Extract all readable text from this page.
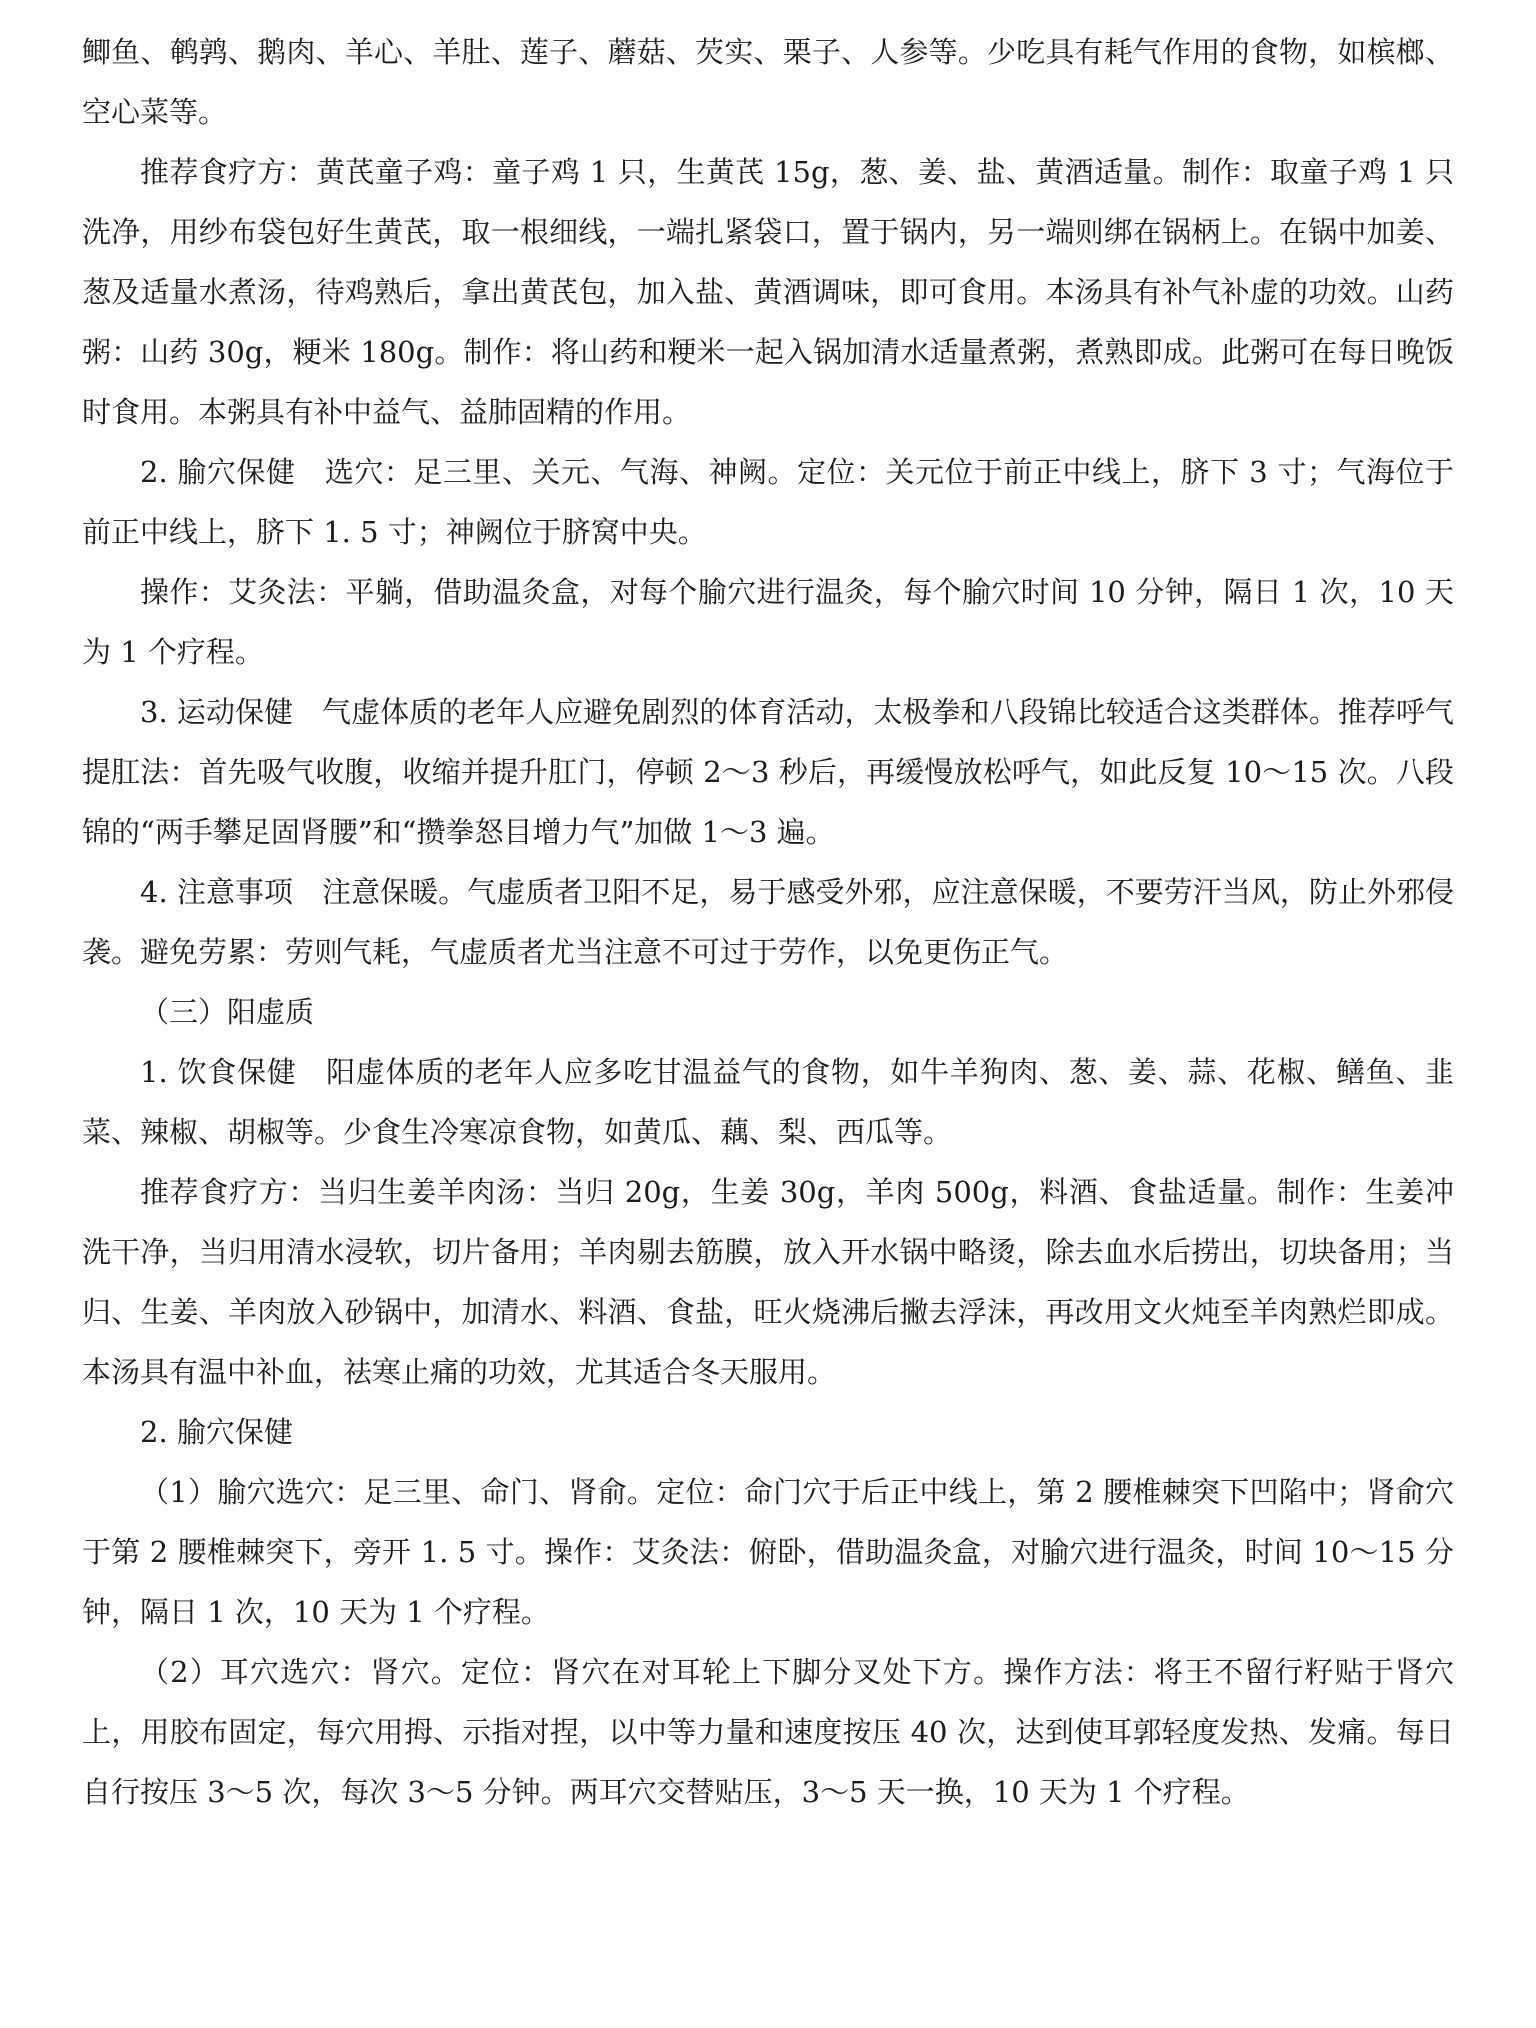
鲫鱼、鹌鹑、鹅肉、羊心、羊肚、莲子、蘑菇、芡实、栗子、人参等。少吃具有耗气作用的食物，如槟榔、空心菜等。

推荐食疗方：黄芪童子鸡：童子鸡 1 只，生黄芪 15g，葱、姜、盐、黄酒适量。制作：取童子鸡 1 只洗净，用纱布袋包好生黄芪，取一根细线，一端扎紧袋口，置于锅内，另一端则绑在锅柄上。在锅中加姜、葱及适量水煮汤，待鸡熟后，拿出黄芪包，加入盐、黄酒调味，即可食用。本汤具有补气补虚的功效。山药粥：山药 30g，粳米 180g。制作：将山药和粳米一起入锅加清水适量煮粥，煮熟即成。此粥可在每日晚饭时食用。本粥具有补中益气、益肺固精的作用。

2. 腧穴保健　选穴：足三里、关元、气海、神阙。定位：关元位于前正中线上，脐下 3 寸；气海位于前正中线上，脐下 1. 5 寸；神阙位于脐窝中央。

操作：艾灸法：平躺，借助温灸盒，对每个腧穴进行温灸，每个腧穴时间 10 分钟，隔日 1 次，10 天为 1 个疗程。

3. 运动保健　气虚体质的老年人应避免剧烈的体育活动，太极拳和八段锦比较适合这类群体。推荐呼气提肛法：首先吸气收腹，收缩并提升肛门，停顿 2～3 秒后，再缓慢放松呼气，如此反复 10～15 次。八段锦的“两手攀足固肾腰”和“攒拳怒目增力气”加做 1～3 遍。

4. 注意事项　注意保暖。气虚质者卫阳不足，易于感受外邪，应注意保暖，不要劳汗当风，防止外邪侵袭。避免劳累：劳则气耗，气虚质者尤当注意不可过于劳作，以免更伤正气。

（三）阳虚质

1. 饮食保健　阳虚体质的老年人应多吃甘温益气的食物，如牛羊狗肉、葱、姜、蒜、花椒、鳝鱼、韭菜、辣椒、胡椒等。少食生冷寒凉食物，如黄瓜、藕、梨、西瓜等。

推荐食疗方：当归生姜羊肉汤：当归 20g，生姜 30g，羊肉 500g，料酒、食盐适量。制作：生姜冲洗干净，当归用清水浸软，切片备用；羊肉剔去筋膜，放入开水锅中略烫，除去血水后捞出，切块备用；当归、生姜、羊肉放入砂锅中，加清水、料酒、食盐，旺火烧沸后撇去浮沫，再改用文火炖至羊肉熟烂即成。本汤具有温中补血，祛寒止痛的功效，尤其适合冬天服用。

2. 腧穴保健

（1）腧穴选穴：足三里、命门、肾俞。定位：命门穴于后正中线上，第 2 腰椎棘突下凹陷中；肾俞穴于第 2 腰椎棘突下，旁开 1. 5 寸。操作：艾灸法：俯卧，借助温灸盒，对腧穴进行温灸，时间 10～15 分钟，隔日 1 次，10 天为 1 个疗程。

（2）耳穴选穴：肾穴。定位：肾穴在对耳轮上下脚分叉处下方。操作方法：将王不留行籽贴于肾穴上，用胶布固定，每穴用拇、示指对捏，以中等力量和速度按压 40 次，达到使耳郭轻度发热、发痛。每日自行按压 3～5 次，每次 3～5 分钟。两耳穴交替贴压，3～5 天一换，10 天为 1 个疗程。
